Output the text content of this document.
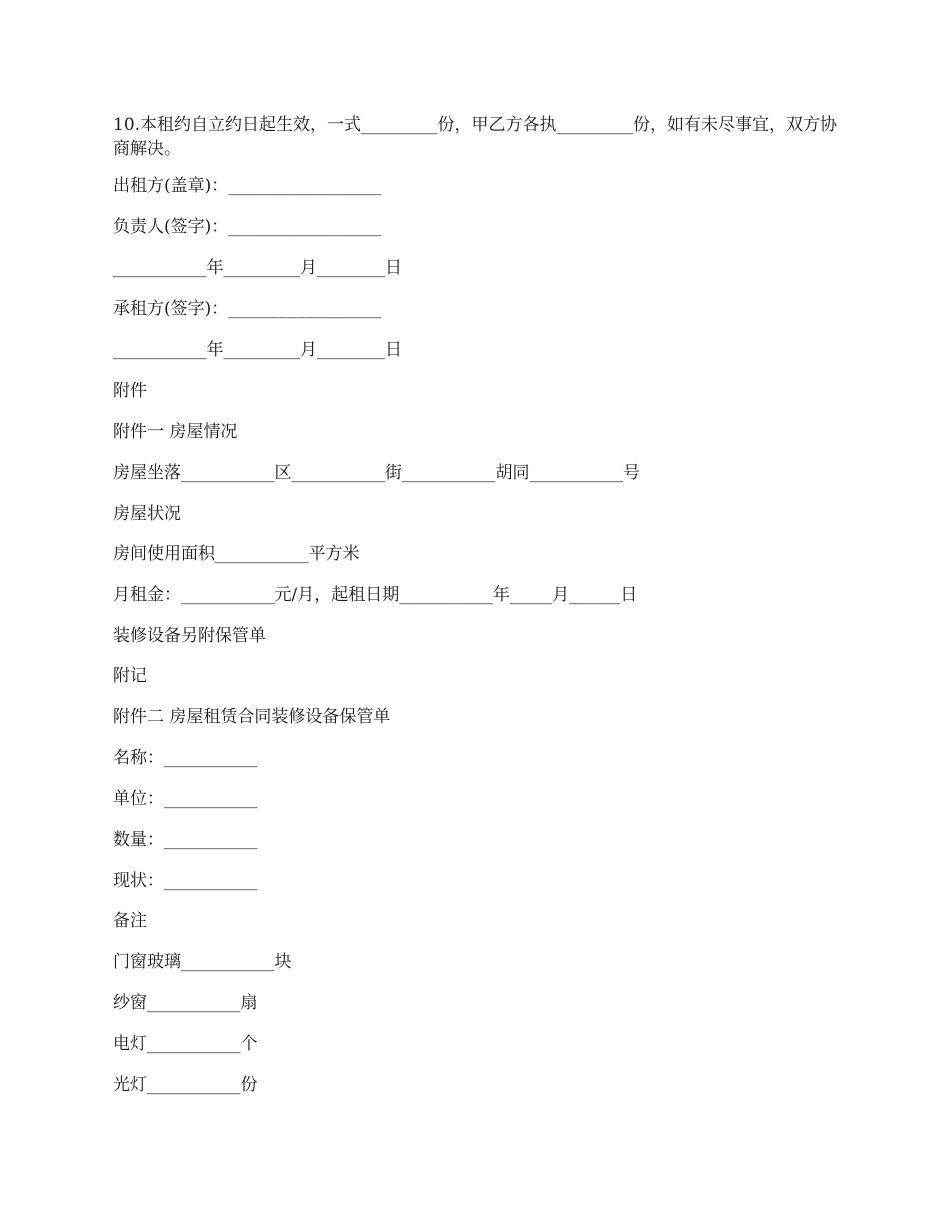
10.本租约自立约日起生效，一式_________份，甲乙方各执_________份，如有未尽事宜，双方协商解决。
出租方(盖章)：__________________
负责人(签字)：__________________
___________年_________月________日
承租方(签字)：__________________
___________年_________月________日
附件
附件一 房屋情况
房屋坐落___________区___________街___________胡同___________号
房屋状况
房间使用面积___________平方米
月租金：___________元/月，起租日期___________年_____月______日
装修设备另附保管单
附记
附件二 房屋租赁合同装修设备保管单
名称：___________
单位：___________
数量：___________
现状：___________
备注
门窗玻璃___________块
纱窗___________扇
电灯___________个
光灯___________份
